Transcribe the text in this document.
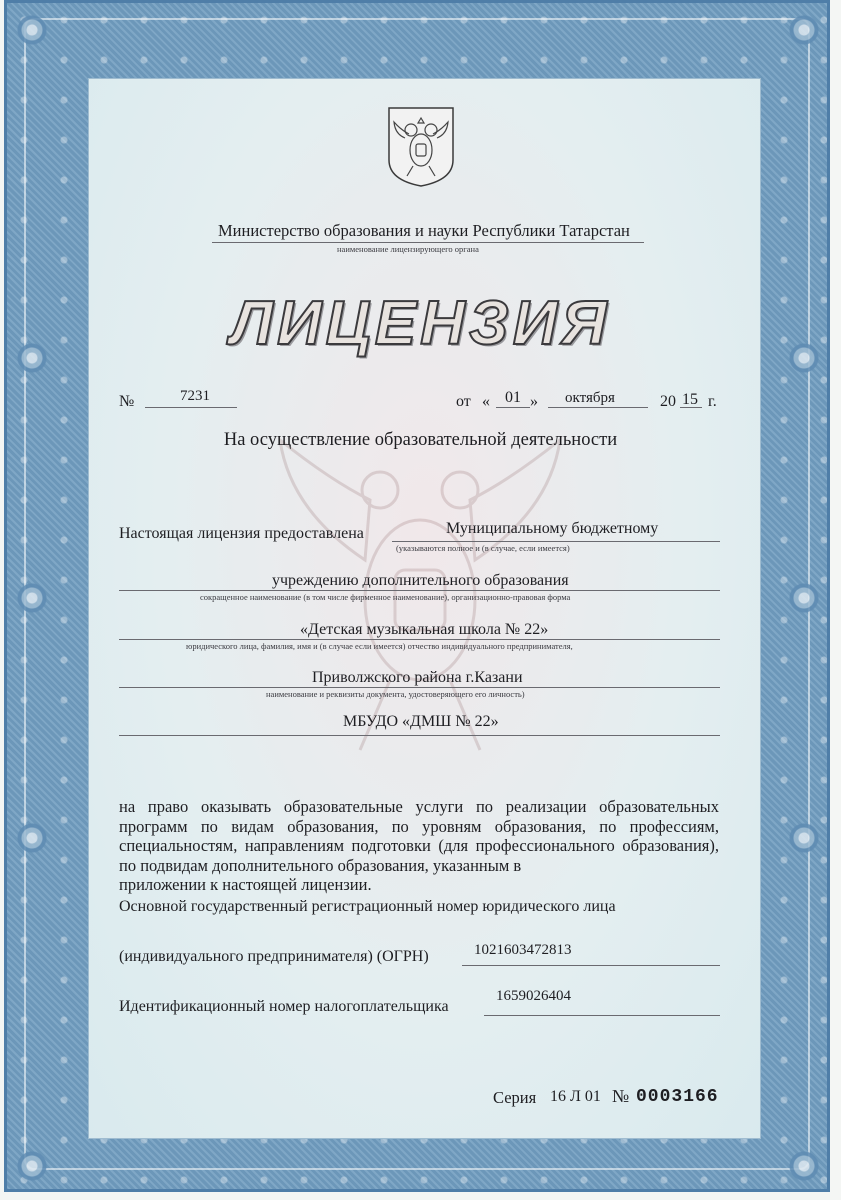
Министерство образования и науки Республики Татарстан
наименование лицензирующего органа
ЛИЦЕНЗИЯ
№	7231	от « 01 » октября	20 15 г.
На осуществление образовательной деятельности
Настоящая лицензия предоставлена	Муниципальному бюджетному
(указываются полное и (в случае, если имеется)
учреждению дополнительного образования
сокращенное наименование (в том числе фирменное наименование), организационно-правовая форма
«Детская музыкальная школа № 22»
юридического лица, фамилия, имя и (в случае если имеется) отчество индивидуального предпринимателя,
Приволжского района г.Казани
наименование и реквизиты документа, удостоверяющего его личность)
МБУДО «ДМШ № 22»
на право оказывать образовательные услуги по реализации образовательных программ по видам образования, по уровням образования, по профессиям, специальностям, направлениям подготовки (для профессионального образования), по подвидам дополнительного образования, указанным в
приложении к настоящей лицензии.
Основной государственный регистрационный номер юридического лица
(индивидуального предпринимателя) (ОГРН)	1021603472813
Идентификационный номер налогоплательщика
1659026404
Серия 16 Л 01 № 0003166
